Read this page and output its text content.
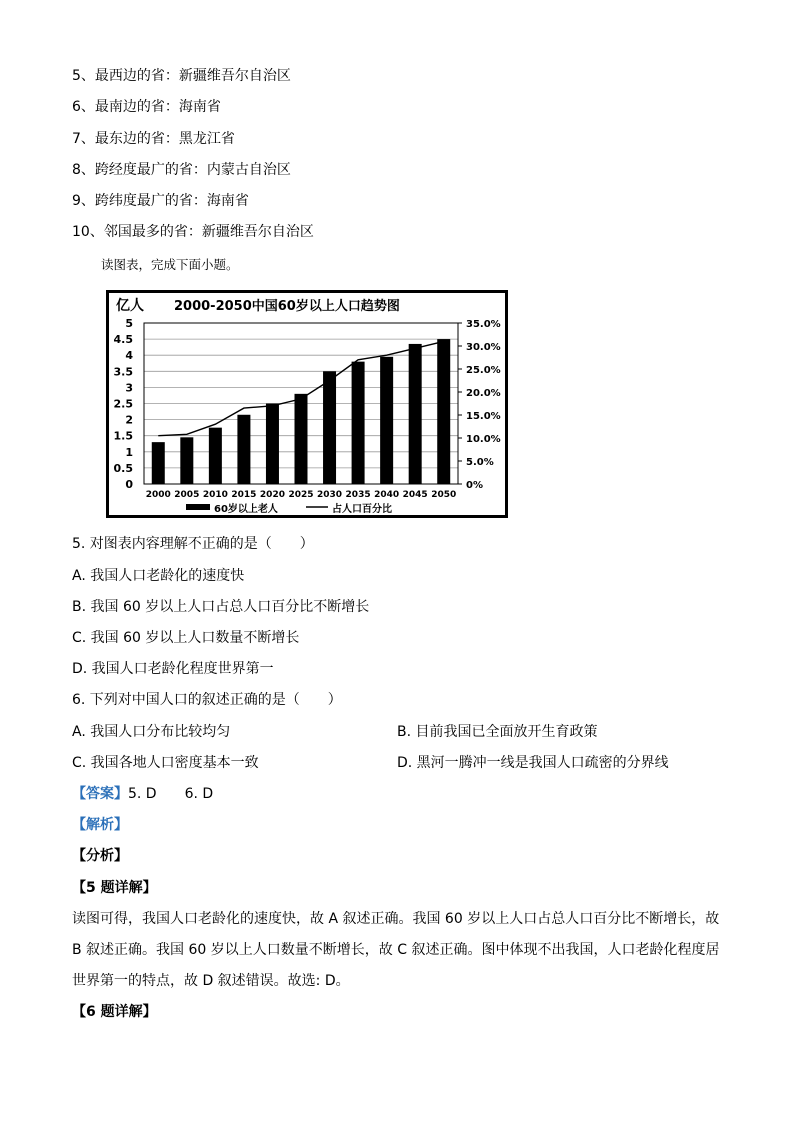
5、最西边的省：新疆维吾尔自治区
6、最南边的省：海南省
7、最东边的省：黑龙江省
8、跨经度最广的省：内蒙古自治区
9、跨纬度最广的省：海南省
10、邻国最多的省：新疆维吾尔自治区
读图表，完成下面小题。
亿人 2000-2050中国60岁以上人口趋势图
0
0.5
1
1.5
2
2.5
3
3.5
4
4.5
5
0%
5.0%
10.0%
15.0%
20.0%
25.0%
30.0%
35.0%
2000 2005 2010 2015 2020 2025 2030 2035 2040 2045 2050
60岁以上老人	占人口百分比
5. 对图表内容理解不正确的是（　　）
A. 我国人口老龄化的速度快
B. 我国 60 岁以上人口占总人口百分比不断增长
C. 我国 60 岁以上人口数量不断增长
D. 我国人口老龄化程度世界第一
6. 下列对中国人口的叙述正确的是（　　）
A. 我国人口分布比较均匀	B. 目前我国已全面放开生育政策
C. 我国各地人口密度基本一致	D. 黑河一腾冲一线是我国人口疏密的分界线
【答案】5. D　　6. D
【解析】
【分析】
【5 题详解】
读图可得，我国人口老龄化的速度快，故 A 叙述正确。我国 60 岁以上人口占总人口百分比不断增长，故
B 叙述正确。我国 60 岁以上人口数量不断增长，故 C 叙述正确。图中体现不出我国，人口老龄化程度居
世界第一的特点，故 D 叙述错误。故选: D。
【6 题详解】
